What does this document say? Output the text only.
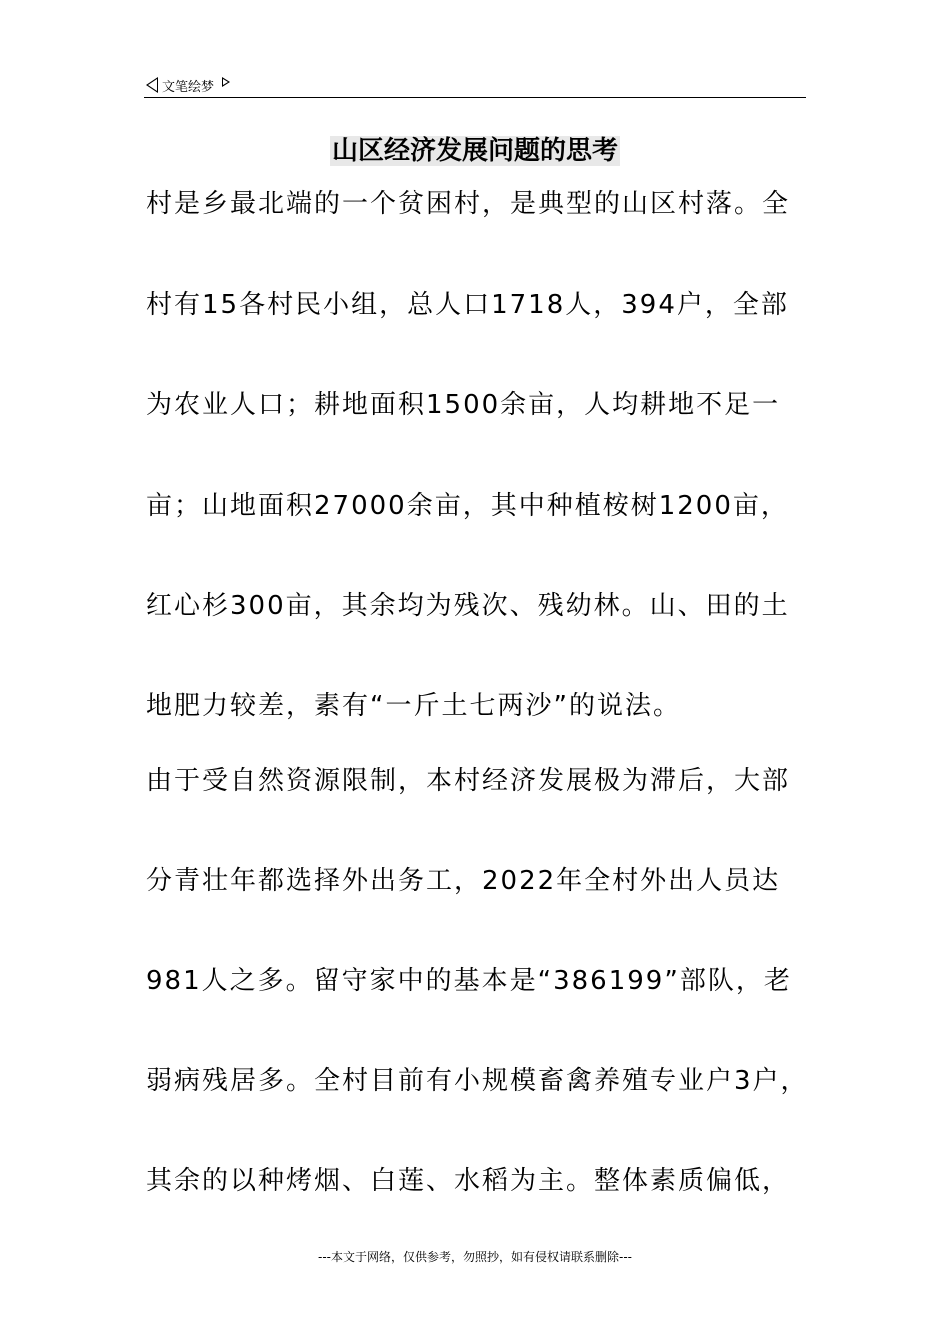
文笔绘梦
山区经济发展问题的思考
村是乡最北端的一个贫困村，是典型的山区村落。全
村有15各村民小组，总人口1718人，394户，全部
为农业人口；耕地面积1500余亩，人均耕地不足一
亩；山地面积27000余亩，其中种植桉树1200亩，
红心杉300亩，其余均为残次、残幼林。山、田的土
地肥力较差，素有“一斤土七两沙”的说法。
由于受自然资源限制，本村经济发展极为滞后，大部
分青壮年都选择外出务工，2022年全村外出人员达
981人之多。留守家中的基本是“386199”部队，老
弱病残居多。全村目前有小规模畜禽养殖专业户3户，
其余的以种烤烟、白莲、水稻为主。整体素质偏低，
---本文于网络，仅供参考，勿照抄，如有侵权请联系删除---
